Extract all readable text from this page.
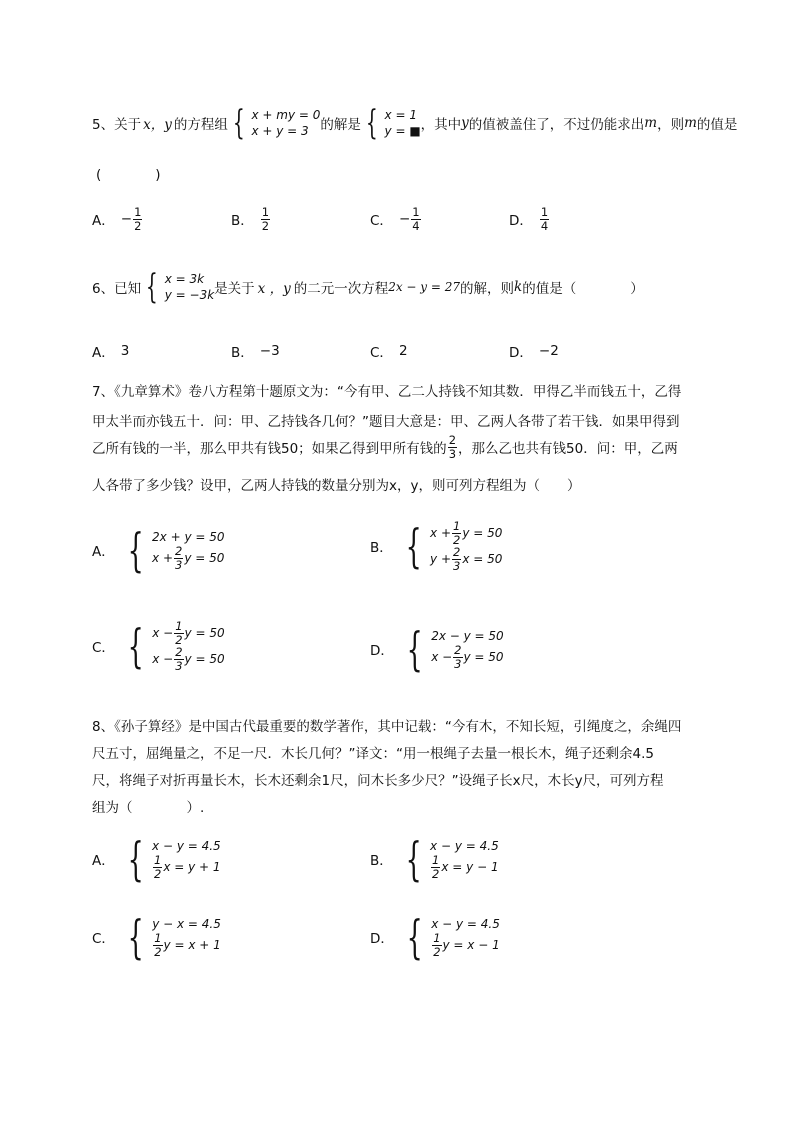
5、关于 x，y 的方程组 { x + my = 0
x + y = 3 的解是 { x = 1
y = ■ ，其中 y 的值被盖住了，不过仍能求出 m ，则 m 的值是
(　　　　)
A． − $\frac{1}{2}$	B． $\frac{1}{2}$	C． − $\frac{1}{4}$	D． $\frac{1}{4}$
6、已知 { x = 3k
y = −3k 是关于 x ，y 的二元一次方程 2x − y = 27 的解，则 k 的值是（　　　　）
A． 3	B． −3	C． 2	D． −2
7、《九章算术》卷八方程第十题原文为：“今有甲、乙二人持钱不知其数．甲得乙半而钱五十，乙得
甲太半而亦钱五十．问：甲、乙持钱各几何？”题目大意是：甲、乙两人各带了若干钱．如果甲得到
乙所有钱的一半，那么甲共有钱50；如果乙得到甲所有钱的 $\frac{2}{3}$ ，那么乙也共有钱50．问：甲，乙两
人各带了多少钱？设甲，乙两人持钱的数量分别为x，y，则可列方程组为（　　）
A． { 2x + y = 50
$x + \frac{2}{3}$ y = 50
B． { $x + \frac{1}{2}$ y = 50
$y + \frac{2}{3}$ x = 50
C． { $x - \frac{1}{2}$ y = 50
$x - \frac{2}{3}$ y = 50
D． { 2x − y = 50
$x - \frac{2}{3}$ y = 50
8、《孙子算经》是中国古代最重要的数学著作，其中记载：“今有木，不知长短，引绳度之，余绳四
尺五寸，屈绳量之，不足一尺．木长几何？”译文：“用一根绳子去量一根长木，绳子还剩余4.5
尺，将绳子对折再量长木，长木还剩余1尺，问木长多少尺？”设绳子长x尺，木长y尺，可列方程
组为（　　　　）.
A． { x − y = 4.5
$\frac{1}{2}$ x = y + 1	B． { x − y = 4.5
$\frac{1}{2}$ x = y − 1
C． { y − x = 4.5
$\frac{1}{2}$ y = x + 1	D． { x − y = 4.5
$\frac{1}{2}$ y = x − 1
